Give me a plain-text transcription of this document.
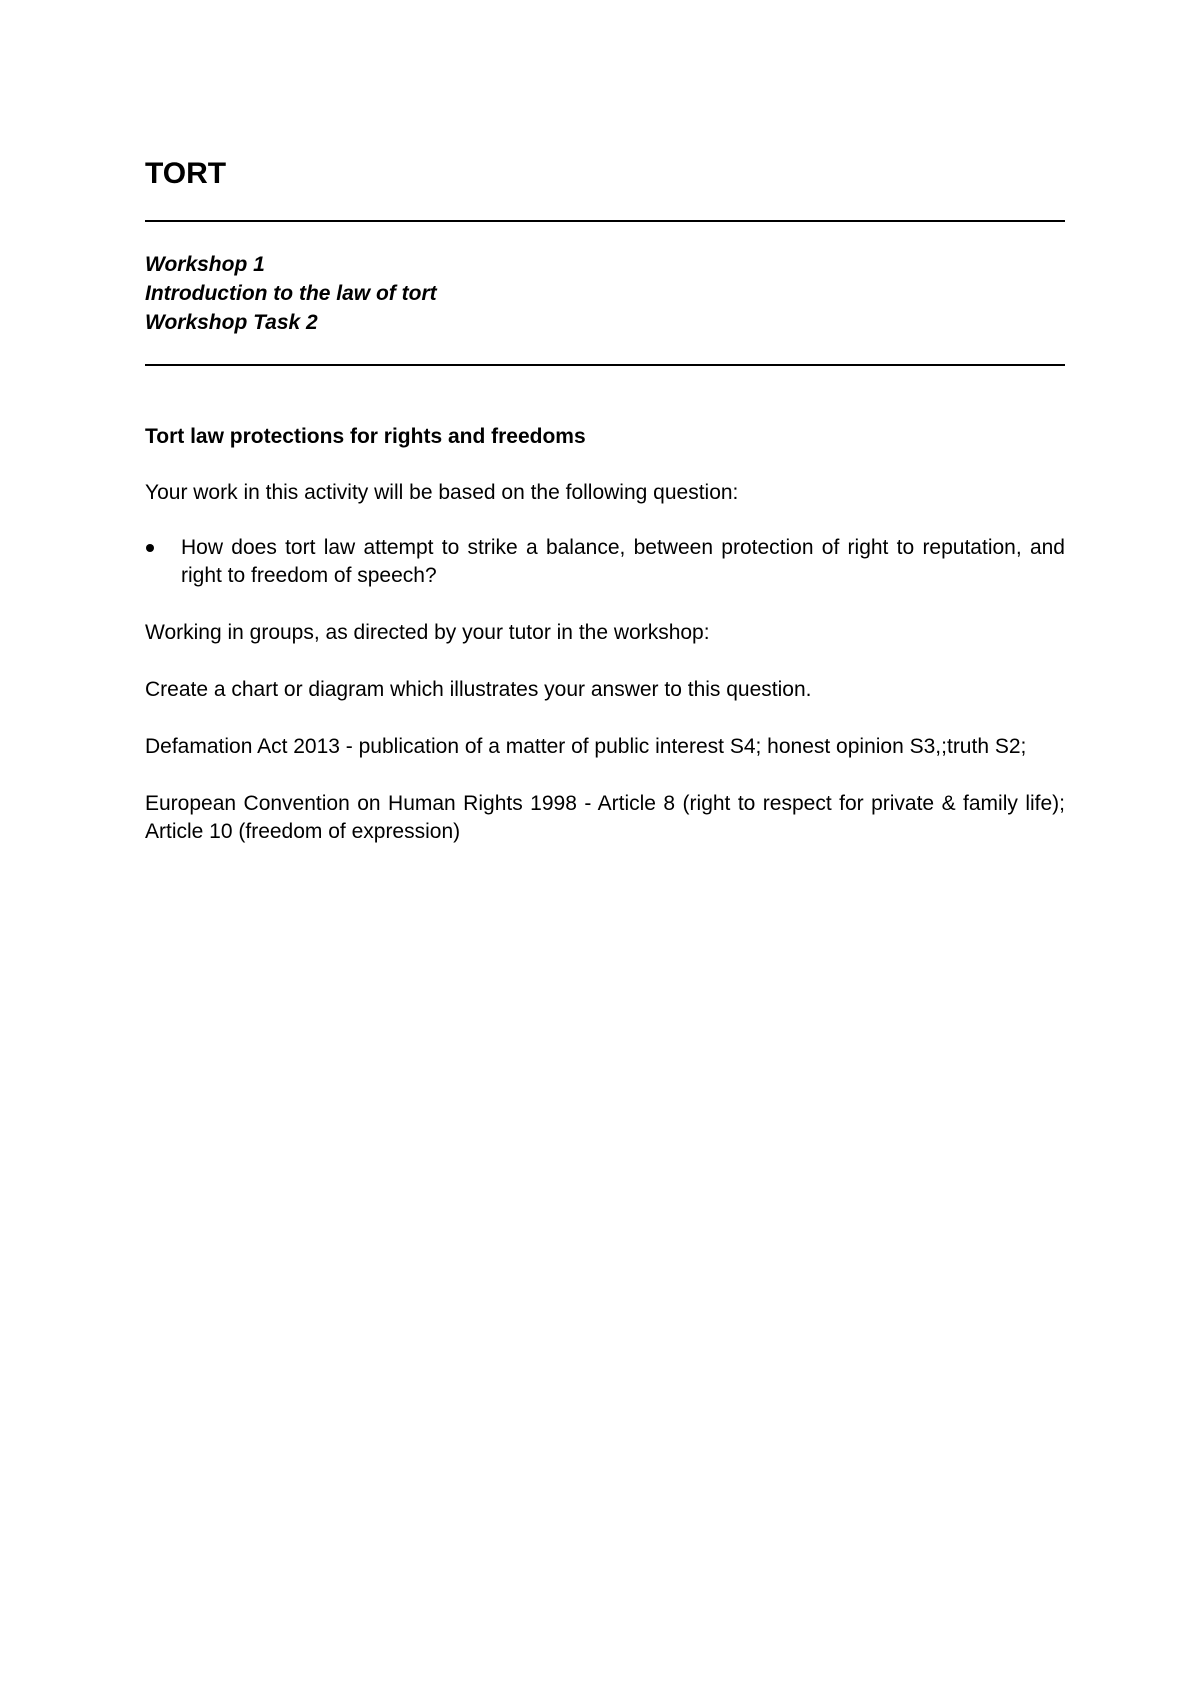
TORT
Workshop 1
Introduction to the law of tort
Workshop Task 2
Tort law protections for rights and freedoms

Your work in this activity will be based on the following question:

How does tort law attempt to strike a balance, between protection of right to reputation, and right to freedom of speech?

Working in groups, as directed by your tutor in the workshop:

Create a chart or diagram which illustrates your answer to this question.

Defamation Act 2013 - publication of a matter of public interest S4; honest opinion S3,;truth S2;

European Convention on Human Rights 1998 - Article 8 (right to respect for private & family life); Article 10 (freedom of expression)
